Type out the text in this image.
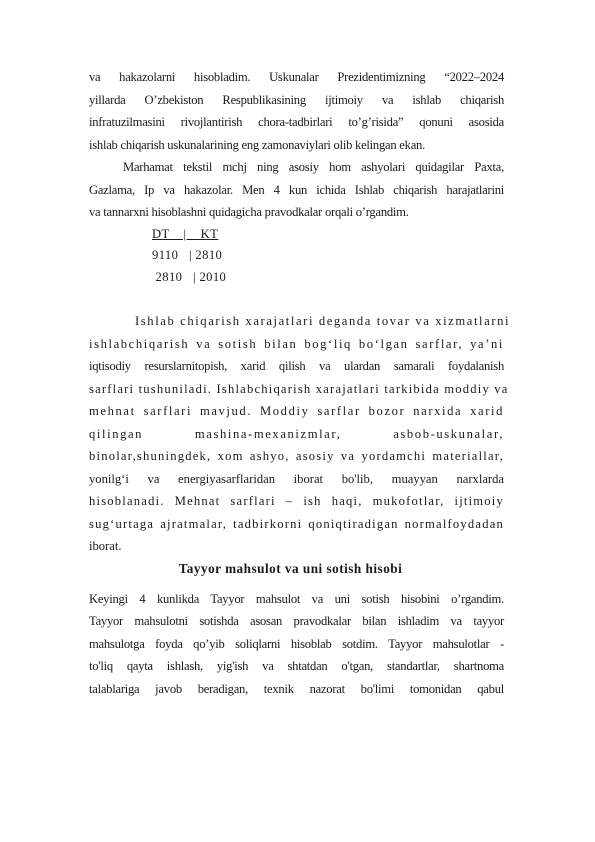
va hakazolarni hisobladim. Uskunalar Prezidentimizning “2022–2024
yillarda O’zbekiston Respublikasining ijtimoiy va ishlab chiqarish
infratuzilmasini rivojlantirish chora-tadbirlari to’g’risida” qonuni asosida
ishlab chiqarish uskunalarining eng zamonaviylari olib kelingan ekan.
Marhamat tekstil mchj ning asosiy hom ashyolari quidagilar Paxta,
Gazlama, Ip va hakazolar. Men 4 kun ichida Ishlab chiqarish harajatlarini
va tannarxni hisoblashni quidagicha pravodkalar orqali o’rgandim.
DT    |    KT
9110   | 2810
2810   | 2010
Ishlab chiqarish xarajatlari deganda tovar va xizmatlarni
ishlabchiqarish va sotish bilan bog‘liq bo‘lgan sarflar, ya’ni
iqtisodiy resurslarnitopish, xarid qilish va ulardan samarali foydalanish
sarflari tushuniladi. Ishlabchiqarish xarajatlari tarkibida moddiy va
mehnat sarflari mavjud. Moddiy sarflar bozor narxida xarid
qilingan mashina-mexanizmlar, asbob-uskunalar,
binolar,shuningdek, xom ashyo, asosiy va yordamchi materiallar,
yonilg‘i va energiyasarflaridan iborat bo'lib, muayyan narxlarda
hisoblanadi. Mehnat sarflari – ish haqi, mukofotlar, ijtimoiy
sug‘urtaga ajratmalar, tadbirkorni qoniqtiradigan normalfoydadan
iborat.
Tayyor mahsulot va uni sotish hisobi
Keyingi 4 kunlikda Tayyor mahsulot va uni sotish hisobini o’rgandim.
Tayyor mahsulotni sotishda asosan pravodkalar bilan ishladim va tayyor
mahsulotga foyda qo’yib soliqlarni hisoblab sotdim. Tayyor mahsulotlar -
to'liq qayta ishlash, yig'ish va shtatdan o'tgan, standartlar, shartnoma
talablariga javob beradigan, texnik nazorat bo'limi tomonidan qabul
